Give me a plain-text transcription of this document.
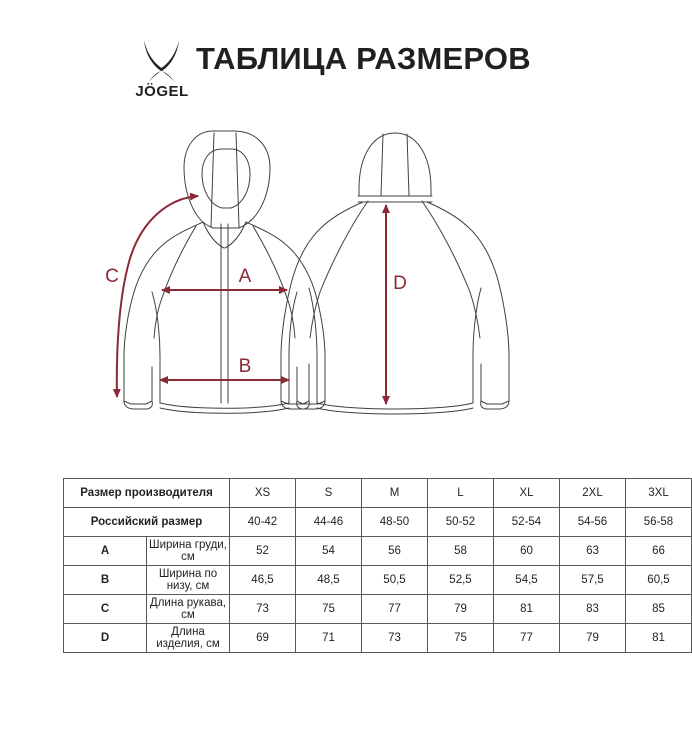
JÖGEL
ТАБЛИЦА РАЗМЕРОВ
A
B
C	D
Размер производителя		XS	S	M	L	XL	2XL	3XL
Российский размер		40-42	44-46	48-50	50-52	52-54	54-56	56-58
A	Ширина груди, см	52	54	56	58	60	63	66
B	Ширина по низу, см	46,5	48,5	50,5	52,5	54,5	57,5	60,5
C	Длина рукава, см	73	75	77	79	81	83	85
D	Длина изделия, см	69	71	73	75	77	79	81
